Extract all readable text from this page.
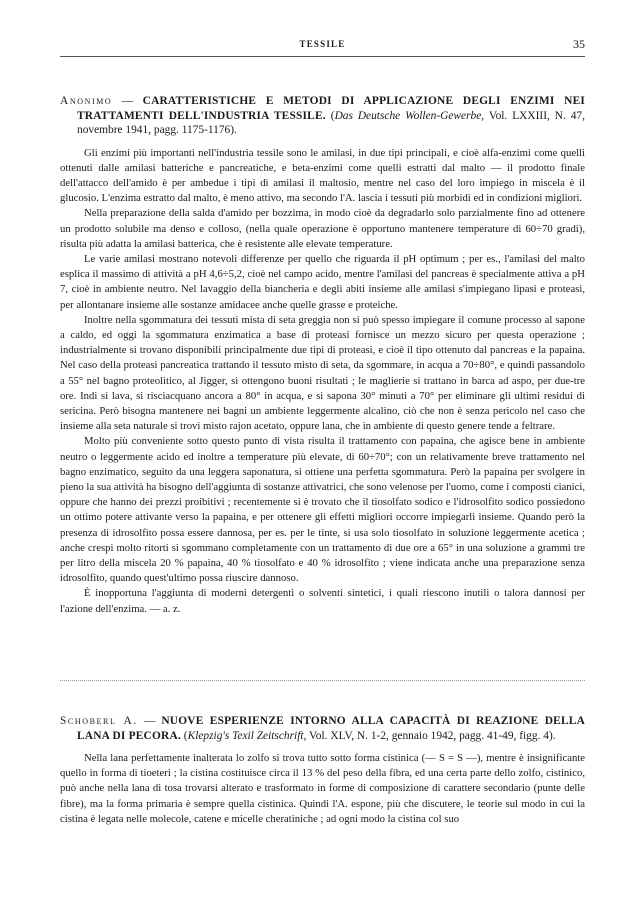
TESSILE	35

Anonimo — CARATTERISTICHE E METODI DI APPLICAZIONE DEGLI ENZIMI NEI TRATTAMENTI DELL'INDUSTRIA TESSILE. (Das Deutsche Wollen-Gewerbe, Vol. LXXIII, N. 47, novembre 1941, pagg. 1175-1176).

Gli enzimi più importanti nell'industria tessile sono le amilasi, in due tipi principali, e cioè alfa-enzimi come quelli ottenuti dalle amilasi batteriche e pancreatiche, e beta-enzimi come quelli estratti dal malto — il prodotto finale dell'attacco dell'amido è per ambedue i tipi di amilasi il maltosio, mentre nel caso del loro impiego in miscela è il glucosio. L'enzima estratto dal malto, è meno attivo, ma secondo l'A. lascia i tessuti più morbidi ed in condizioni migliori.

Nella preparazione della salda d'amido per bozzima, in modo cioè da degradarlo solo parzialmente fino ad ottenere un prodotto solubile ma denso e colloso, (nella quale operazione è opportuno mantenere temperature di 60÷70 gradi), risulta più adatta la amilasi batterica, che è resistente alle elevate temperature.

Le varie amilasi mostrano notevoli differenze per quello che riguarda il pH optimum ; per es., l'amilasi del malto esplica il massimo di attività a pH 4,6÷5,2, cioè nel campo acido, mentre l'amilasi del pancreas è specialmente attiva a pH 7, cioè in ambiente neutro. Nel lavaggio della biancheria e degli abiti insieme alle amilasi s'impiegano lipasi e proteasi, per allontanare insieme alle sostanze amidacee anche quelle grasse e proteiche.

Inoltre nella sgommatura dei tessuti mista di seta greggia non si può spesso impiegare il comune processo al sapone a caldo, ed oggi la sgommatura enzimatica a base di proteasi fornisce un mezzo sicuro per questa operazione ; industrialmente si trovano disponibili principalmente due tipi di proteasi, e cioè il tipo ottenuto dal pancreas e la papaina. Nel caso della proteasi pancreatica trattando il tessuto misto di seta, da sgommare, in acqua a 70÷80°, e quindi passandolo a 55° nel bagno proteolitico, al Jigger, si ottengono buoni risultati ; le maglierie si trattano in barca ad aspo, per due-tre ore. Indi si lava, si risciacquano ancora a 80° in acqua, e si sapona 30° minuti a 70° per eliminare gli ultimi residui di sericina. Però bisogna mantenere nei bagni un ambiente leggermente alcalino, ciò che non è senza pericolo nel caso che insieme alla seta naturale si trovi misto rajon acetato, oppure lana, che in ambiente di questo genere tende a feltrare.

Molto più conveniente sotto questo punto di vista risulta il trattamento con papaina, che agisce bene in ambiente neutro o leggermente acido ed inoltre a temperature più elevate, di 60÷70°; con un relativamente breve trattamento nel bagno enzimatico, seguito da una leggera saponatura, si ottiene una perfetta sgommatura. Però la papaina per svolgere in pieno la sua attività ha bisogno dell'aggiunta di sostanze attivatrici, che sono velenose per l'uomo, come i composti cianici, oppure che hanno dei prezzi proibitivi ; recentemente si è trovato che il tiosolfato sodico e l'idrosolfito sodico possiedono un ottimo potere attivante verso la papaina, e per ottenere gli effetti migliori occorre impiegarli insieme. Quando però la presenza di idrosolfito possa essere dannosa, per es. per le tinte, si usa solo tiosolfato in soluzione leggermente acetica ; anche crespi molto ritorti si sgommano completamente con un trattamento di due ore a 65° in una soluzione a grammi tre per litro della miscela 20 % papaina, 40 % tiosolfato e 40 % idrosolfito ; viene indicata anche una preparazione senza idrosolfito, quando quest'ultimo possa riuscire dannoso.

È inopportuna l'aggiunta di moderni detergenti o solventi sintetici, i quali riescono inutili o talora dannosi per l'azione dell'enzima. — a. z.

Schoberl A. — NUOVE ESPERIENZE INTORNO ALLA CAPACITÀ DI REAZIONE DELLA LANA DI PECORA. (Klepzig's Texil Zeitschrift, Vol. XLV, N. 1-2, gennaio 1942, pagg. 41-49, figg. 4).

Nella lana perfettamente inalterata lo zolfo si trova tutto sotto forma cistinica (— S = S —), mentre è insignificante quello in forma di tioeteri ; la cistina costituisce circa il 13 % del peso della fibra, ed una certa parte dello zolfo, cistinico, può anche nella lana di tosa trovarsi alterato e trasformato in forme di composizione di carattere secondario (punte delle fibre), ma la forma primaria è sempre quella cistinica. Quindi l'A. espone, più che discutere, le teorie sul modo in cui la cistina è legata nelle molecole, catene e micelle cheratiniche ; ad ogni modo la cistina col suo
